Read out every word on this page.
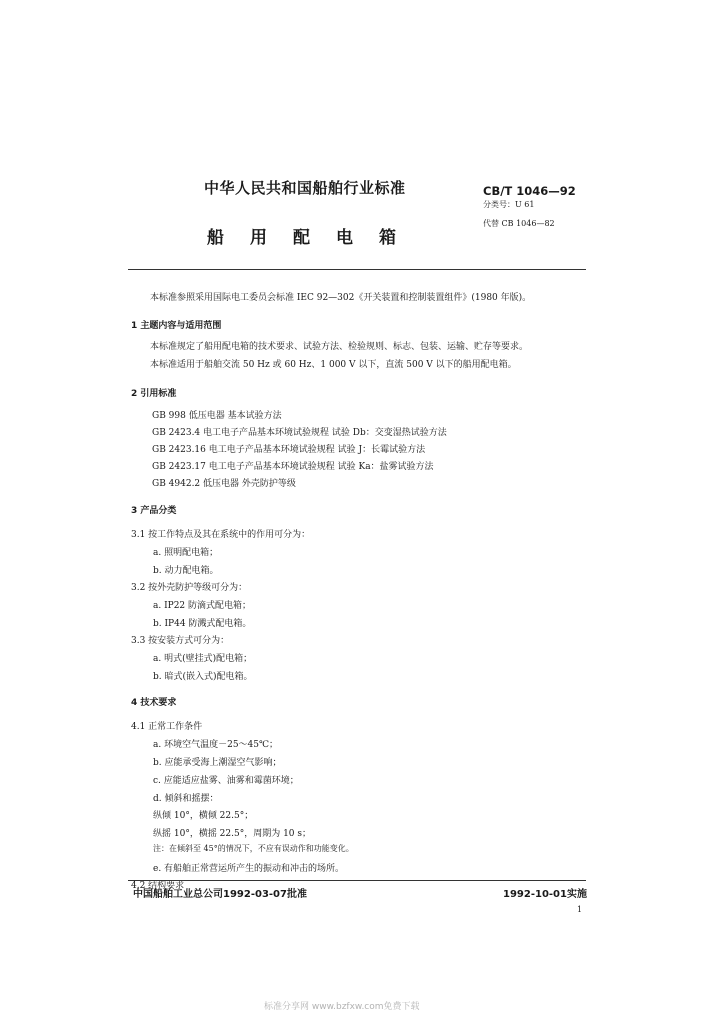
中华人民共和国船舶行业标准
船用配电箱
CB/T 1046—92
分类号：U 61
代替 CB 1046—82
本标准参照采用国际电工委员会标准 IEC 92—302《开关装置和控制装置组件》(1980 年版)。
1 主题内容与适用范围
本标准规定了船用配电箱的技术要求、试验方法、检验规则、标志、包装、运输、贮存等要求。
本标准适用于船舶交流 50 Hz 或 60 Hz、1 000 V 以下，直流 500 V 以下的船用配电箱。
2 引用标准
GB 998 低压电器 基本试验方法
GB 2423.4 电工电子产品基本环境试验规程 试验 Db：交变湿热试验方法
GB 2423.16 电工电子产品基本环境试验规程 试验 J：长霉试验方法
GB 2423.17 电工电子产品基本环境试验规程 试验 Ka：盐雾试验方法
GB 4942.2 低压电器 外壳防护等级
3 产品分类
3.1 按工作特点及其在系统中的作用可分为：
a. 照明配电箱；
b. 动力配电箱。
3.2 按外壳防护等级可分为：
a. IP22 防滴式配电箱；
b. IP44 防溅式配电箱。
3.3 按安装方式可分为：
a. 明式(壁挂式)配电箱；
b. 暗式(嵌入式)配电箱。
4 技术要求
4.1 正常工作条件
a. 环境空气温度－25～45℃；
b. 应能承受海上潮湿空气影响；
c. 应能适应盐雾、油雾和霉菌环境；
d. 倾斜和摇摆：
纵倾 10°，横倾 22.5°；
纵摇 10°，横摇 22.5°，周期为 10 s；
注：在倾斜至 45°的情况下，不应有误动作和功能变化。
e. 有船舶正常营运所产生的振动和冲击的场所。
4.2 结构要求
中国船舶工业总公司1992-03-07批准	1992-10-01实施
1
标准分享网 www.bzfxw.com免费下载
